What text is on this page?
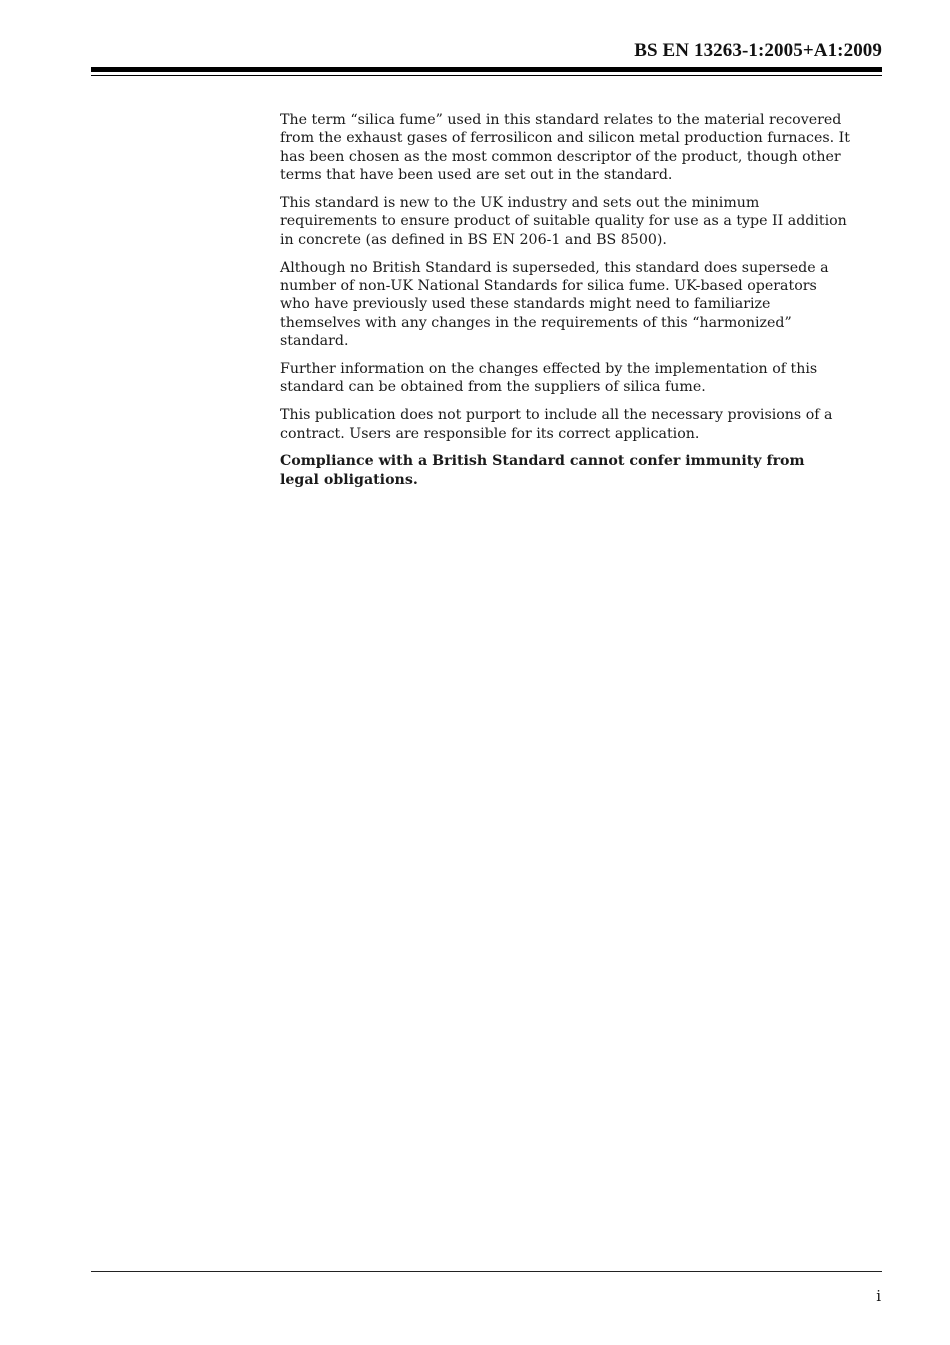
BS EN 13263-1:2005+A1:2009

The term “silica fume” used in this standard relates to the material recovered
from the exhaust gases of ferrosilicon and silicon metal production furnaces. It
has been chosen as the most common descriptor of the product, though other
terms that have been used are set out in the standard.

This standard is new to the UK industry and sets out the minimum
requirements to ensure product of suitable quality for use as a type II addition
in concrete (as defined in BS EN 206-1 and BS 8500).

Although no British Standard is superseded, this standard does supersede a
number of non-UK National Standards for silica fume. UK-based operators
who have previously used these standards might need to familiarize
themselves with any changes in the requirements of this “harmonized”
standard.

Further information on the changes effected by the implementation of this
standard can be obtained from the suppliers of silica fume.

This publication does not purport to include all the necessary provisions of a
contract. Users are responsible for its correct application.

Compliance with a British Standard cannot confer immunity from
legal obligations.

i
